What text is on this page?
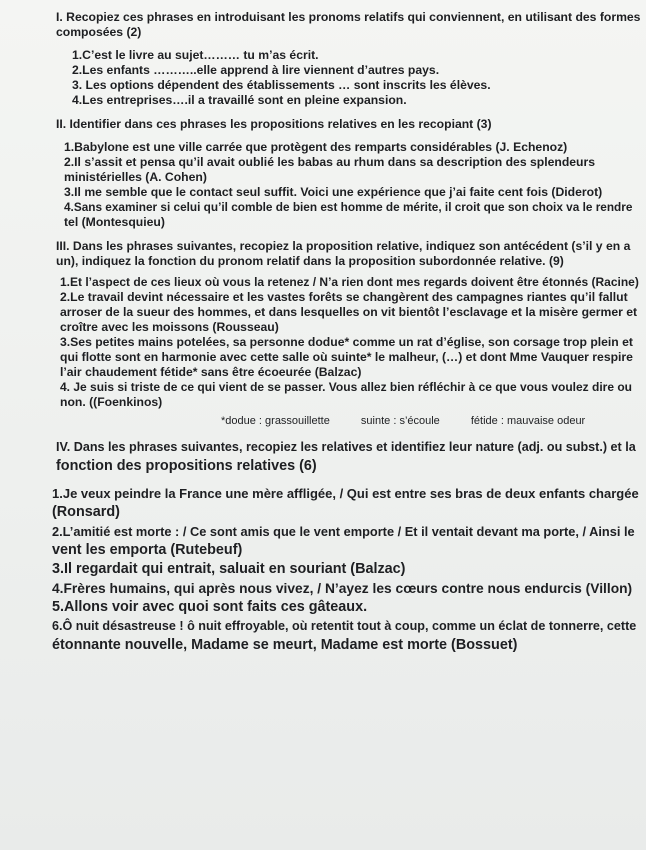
I. Recopiez ces phrases en introduisant les pronoms relatifs qui conviennent, en utilisant des formes
composées (2)
1.C’est le livre au sujet……… tu m’as écrit.
2.Les enfants ………..elle apprend à lire viennent d’autres pays.
3. Les options dépendent des établissements … sont inscrits les élèves.
4.Les entreprises….il a travaillé sont en pleine expansion.
II. Identifier dans ces phrases les propositions relatives en les recopiant (3)
1.Babylone est une ville carrée que protègent des remparts considérables (J. Echenoz)
2.Il s’assit et pensa qu’il avait oublié les babas au rhum dans sa description des splendeurs
ministérielles (A. Cohen)
3.Il me semble que le contact seul suffit. Voici une expérience que j’ai faite cent fois (Diderot)
4.Sans examiner si celui qu’il comble de bien est homme de mérite, il croit que son choix va le rendre
tel (Montesquieu)
III. Dans les phrases suivantes, recopiez la proposition relative, indiquez son antécédent (s’il y en a
un), indiquez la fonction du pronom relatif dans la proposition subordonnée relative. (9)
1.Et l’aspect de ces lieux où vous la retenez / N’a rien dont mes regards doivent être étonnés (Racine)
2.Le travail devint nécessaire et les vastes forêts se changèrent des campagnes riantes qu’il fallut
arroser de la sueur des hommes, et dans lesquelles on vit bientôt l’esclavage et la misère germer et
croître avec les moissons (Rousseau)
3.Ses petites mains potelées, sa personne dodue* comme un rat d’église, son corsage trop plein et
qui flotte sont en harmonie avec cette salle où suinte* le malheur, (…) et dont Mme Vauquer respire
l’air chaudement fétide* sans être écoeurée (Balzac)
4. Je suis si triste de ce qui vient de se passer. Vous allez bien réfléchir à ce que vous voulez dire ou
non. ((Foenkinos)
*dodue : grassouillette	suinte : s’écoule	fétide : mauvaise odeur
IV. Dans les phrases suivantes, recopiez les relatives et identifiez leur nature (adj. ou subst.) et la
fonction des propositions relatives (6)
1.Je veux peindre la France une mère affligée, / Qui est entre ses bras de deux enfants chargée
(Ronsard)
2.L’amitié est morte : / Ce sont amis que le vent emporte / Et il ventait devant ma porte, / Ainsi le
vent les emporta (Rutebeuf)
3.Il regardait qui entrait, saluait en souriant (Balzac)
4.Frères humains, qui après nous vivez, / N’ayez les cœurs contre nous endurcis (Villon)
5.Allons voir avec quoi sont faits ces gâteaux.
6.Ô nuit désastreuse ! ô nuit effroyable, où retentit tout à coup, comme un éclat de tonnerre, cette
étonnante nouvelle, Madame se meurt, Madame est morte (Bossuet)
